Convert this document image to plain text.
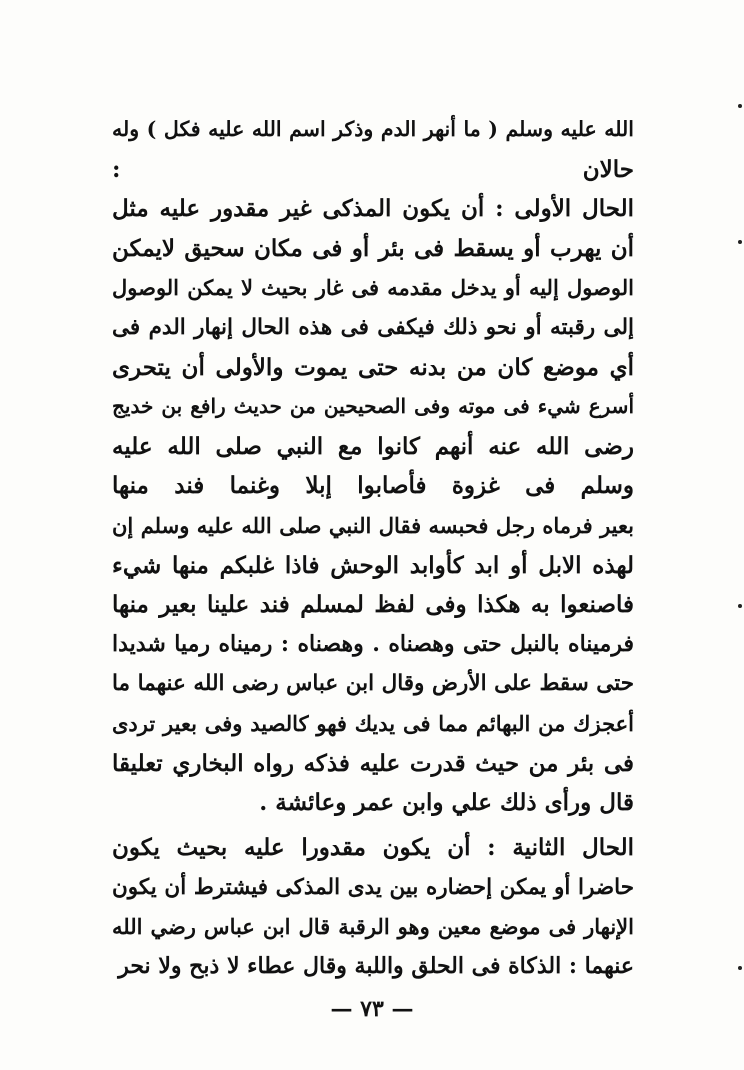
الله عليه وسلم ( ما أنهر الدم وذكر اسم الله عليه فكل ) وله
حالان :
الحال الأولى : أن يكون المذكى غير مقدور عليه مثل
أن يهرب أو يسقط فى بئر أو فى مكان سحيق لايمكن
الوصول إليه أو يدخل مقدمه فى غار بحيث لا يمكن الوصول
إلى رقبته أو نحو ذلك فيكفى فى هذه الحال إنهار الدم فى
أي موضع كان من بدنه حتى يموت والأولى أن يتحرى
أسرع شيء فى موته وفى الصحيحين من حديث رافع بن خديج
رضى الله عنه أنهم كانوا مع النبي صلى الله عليه
وسلم فى غزوة فأصابوا إبلا وغنما فند منها
بعير فرماه رجل فحبسه فقال النبي صلى الله عليه وسلم إن
لهذه الابل أو ابد كأوابد الوحش فاذا غلبكم منها شيء
فاصنعوا به هكذا وفى لفظ لمسلم فند علينا بعير منها
فرميناه بالنبل حتى وهصناه . وهصناه : رميناه رميا شديدا
حتى سقط على الأرض وقال ابن عباس رضى الله عنهما ما
أعجزك من البهائم مما فى يديك فهو كالصيد وفى بعير تردى
فى بئر من حيث قدرت عليه فذكه رواه البخاري تعليقا
قال ورأى ذلك علي وابن عمر وعائشة .
الحال الثانية : أن يكون مقدورا عليه بحيث يكون
حاضرا أو يمكن إحضاره بين يدى المذكى فيشترط أن يكون
الإنهار فى موضع معين وهو الرقبة قال ابن عباس رضي الله
عنهما : الذكاة فى الحلق واللبة وقال عطاء لا ذبح ولا نحر
— ٧٣ —
